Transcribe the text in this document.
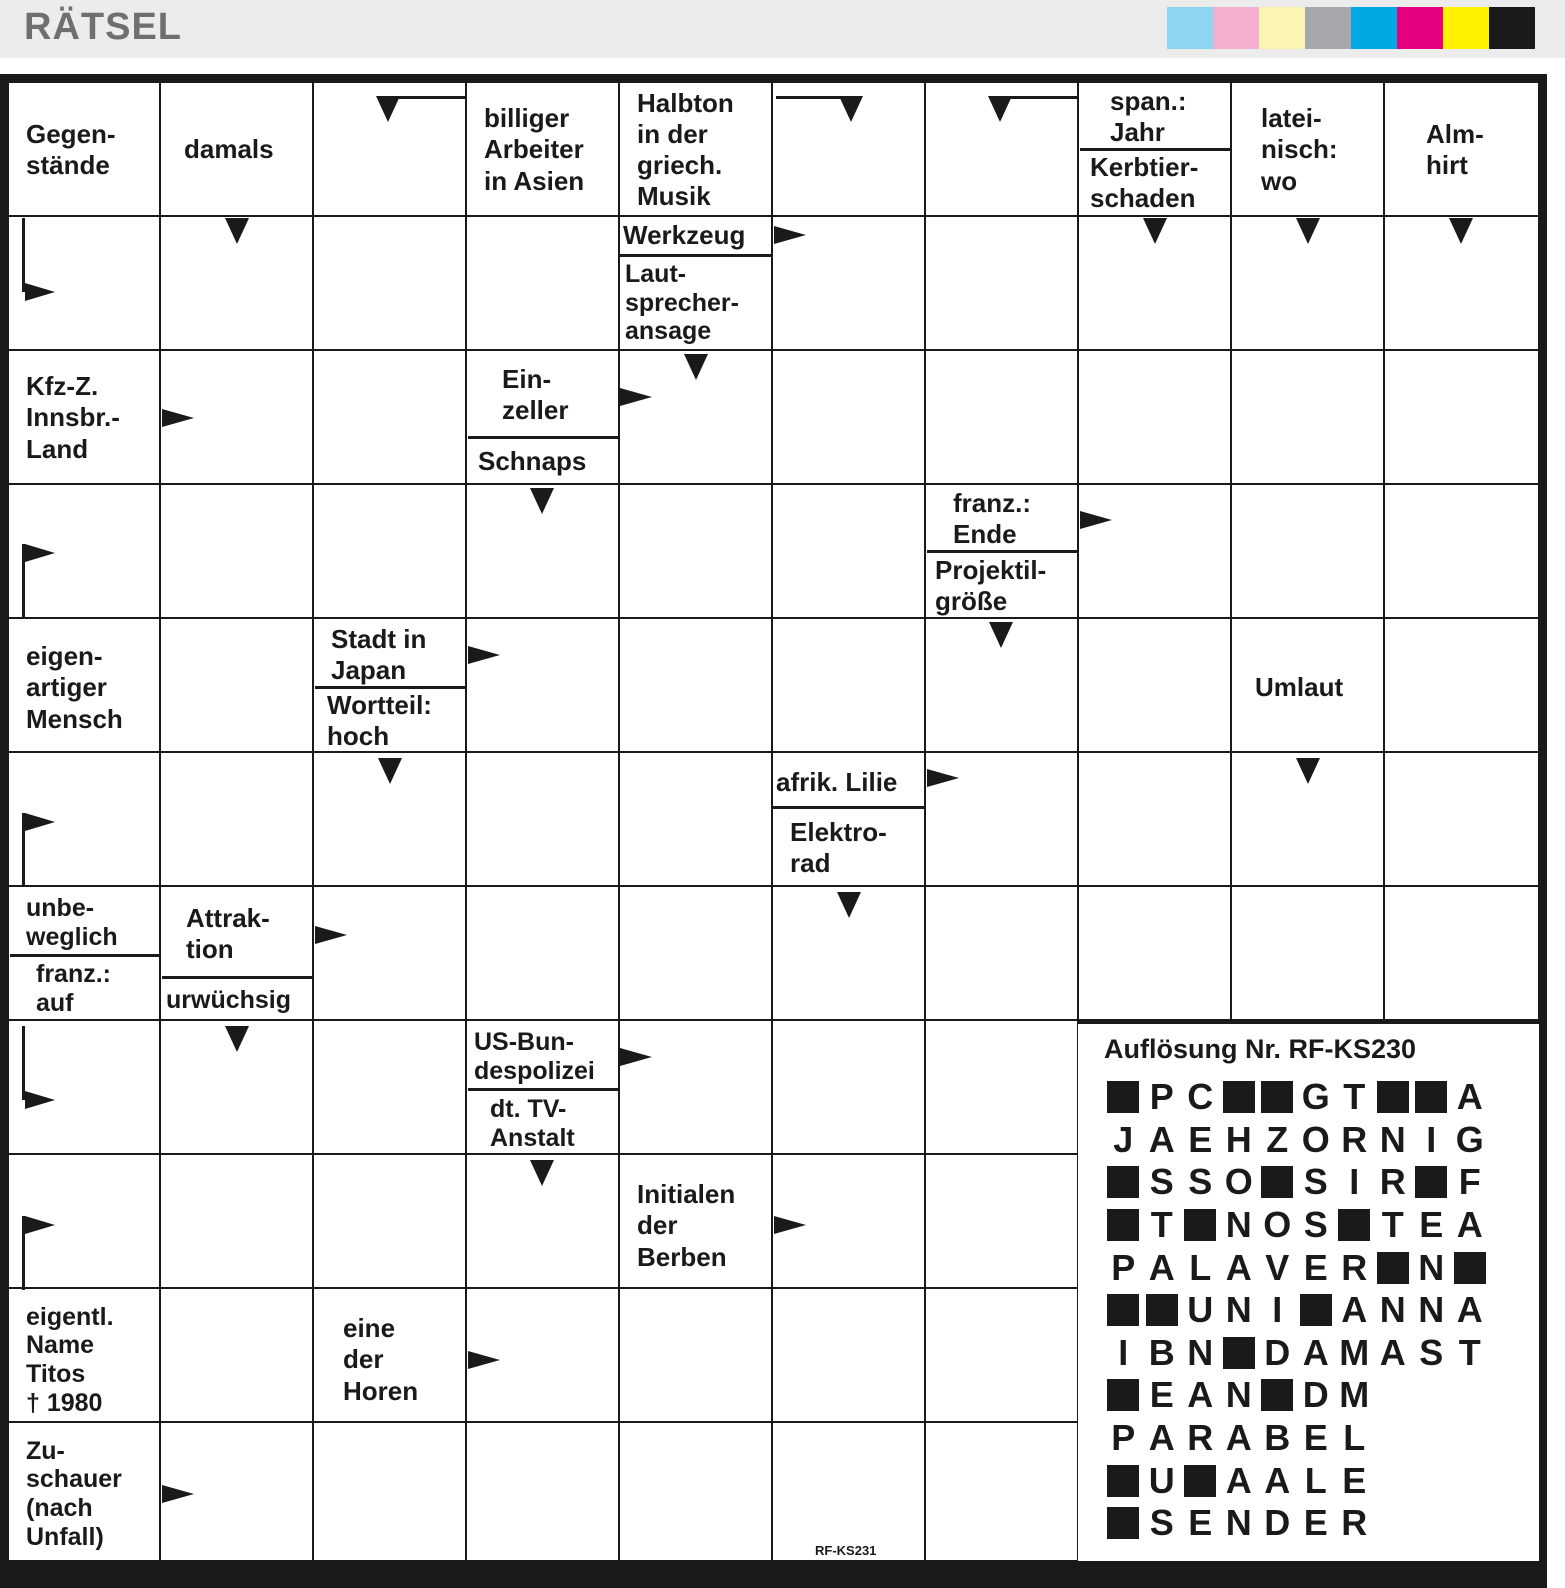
RÄTSEL
Gegen-
stände
damals
billiger
Arbeiter
in Asien
Halbton
in der
griech.
Musik
span.:
Jahr
Kerbtier-
schaden
latei-
nisch:
wo
Alm-
hirt
Werkzeug
Laut-
sprecher-
ansage
Kfz-Z.
Innsbr.-
Land
Ein-
zeller
Schnaps
franz.:
Ende
Projektil-
größe
eigen-
artiger
Mensch
Stadt in
Japan
Wortteil:
hoch
Umlaut
afrik. Lilie
Elektro-
rad
unbe-
weglich
franz.:
auf
Attrak-
tion
urwüchsig
US-Bun-
despolizei
dt. TV-
Anstalt
Initialen
der
Berben
eigentl.
Name
Titos
† 1980
eine
der
Horen
Zu-
schauer
(nach
Unfall)
Auflösung Nr. RF-KS230
P C G T	A
J A E H Z O R N I G
S S O S I R F
T N O S T E A
P A L A V E R N
U N I	A N N A
I B N D A M A S T
E A N D M
P A R A B E L
U A A L E
S E N D E R
RF-KS231
